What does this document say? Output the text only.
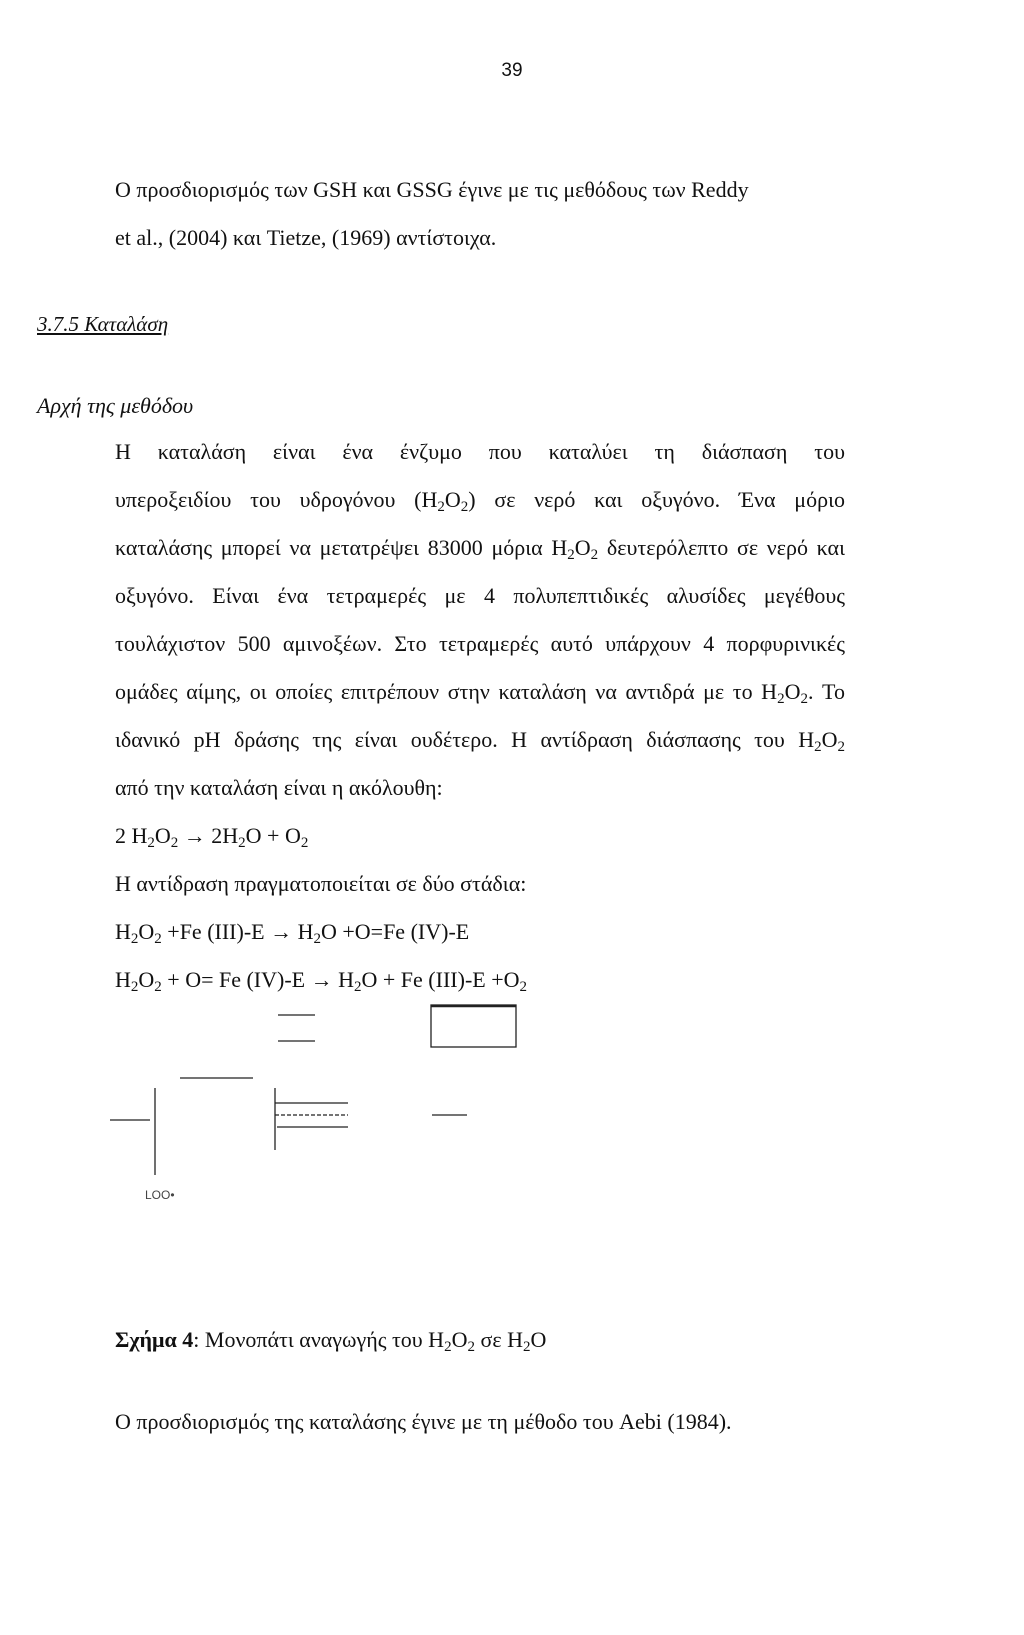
39
Ο προσδιορισμός των GSH και GSSG έγινε με τις μεθόδους των Reddy
et al., (2004) και Tietze, (1969) αντίστοιχα.
3.7.5 Καταλάση
Αρχή της μεθόδου
Η καταλάση είναι ένα ένζυμο που καταλύει τη διάσπαση του
υπεροξειδίου του υδρογόνου $(H_2O_2)$ σε νερό και οξυγόνο. Ένα μόριο
καταλάσης μπορεί να μετατρέψει 83000 μόρια $H_2O_2$ δευτερόλεπτο σε νερό και
οξυγόνο. Είναι ένα τετραμερές με 4 πολυπεπτιδικές αλυσίδες μεγέθους
τουλάχιστον 500 αμινοξέων. Στο τετραμερές αυτό υπάρχουν 4 πορφυρινικές
ομάδες αίμης, οι οποίες επιτρέπουν στην καταλάση να αντιδρά με το $H_2O_2$. Το
ιδανικό pH δράσης της είναι ουδέτερο. Η αντίδραση διάσπασης του $H_2O_2$
από την καταλάση είναι η ακόλουθη:
2 $H_2O_2 \to 2H_2O + O_2$
Η αντίδραση πραγματοποιείται σε δύο στάδια:
$H_2O_2 +Fe$ $(III)-E \to H_2O +O=Fe$ (IV)-E
$H_2O_2 + O= Fe$ $(IV)-E \to H_2O + Fe$ $(III)-E +O_2$
LOO•
Σχήμα 4: Μονοπάτι αναγωγής του $H_2O_2$ σε $H_2O$
Ο προσδιορισμός της καταλάσης έγινε με τη μέθοδο του Aebi (1984).
